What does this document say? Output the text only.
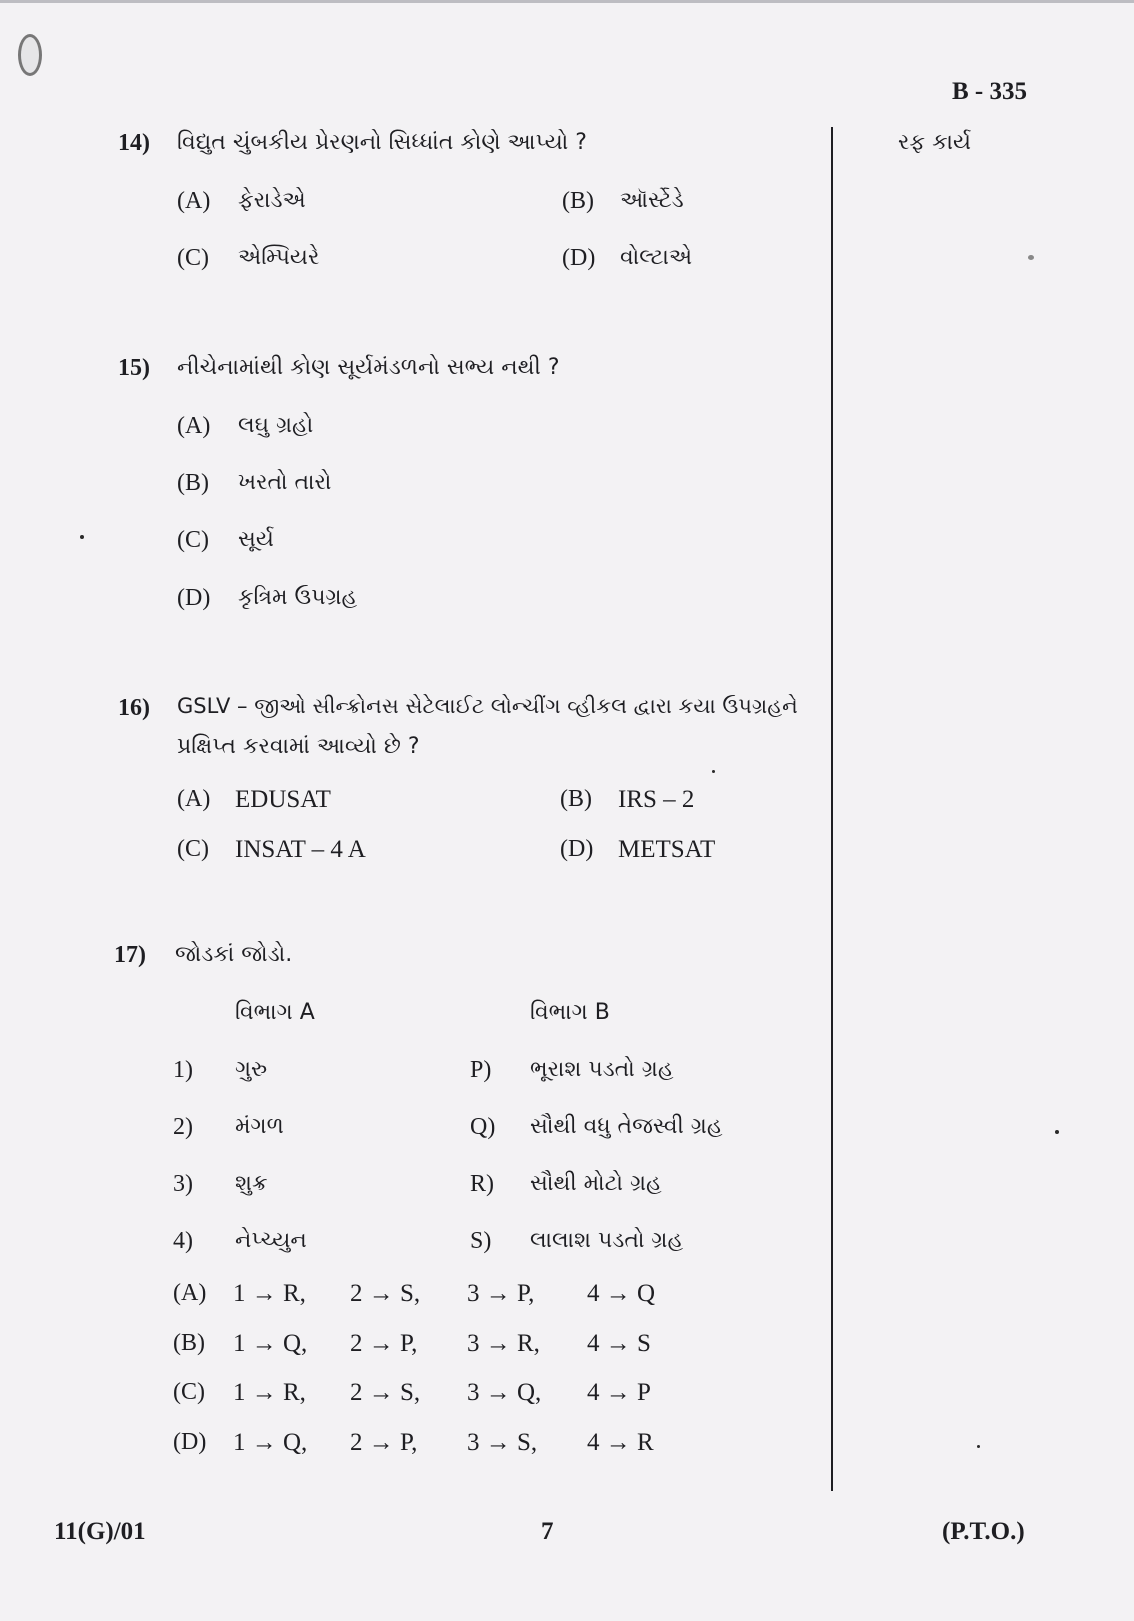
B - 335
રફ કાર્ય
14) વિદ્યુત ચુંબકીય પ્રેરણનો સિધ્ધાંત કોણે આપ્યો ?
(A) ફેરાડેએ	(B) ઑર્સ્ટેડે
(C) એમ્પિયરે	(D) વોલ્ટાએ
15) નીચેનામાંથી કોણ સૂર્યમંડળનો સભ્ય નથી ?
(A) લઘુ ગ્રહો
(B) ખરતો તારો
(C) સૂર્ય
(D) કૃત્રિમ ઉપગ્રહ
16) GSLV – જીઓ સીન્ક્રોનસ સેટેલાઈટ લોન્ચીંગ વ્હીકલ દ્વારા કયા ઉપગ્રહને
પ્રક્ષિપ્ત કરવામાં આવ્યો છે ?
(A) EDUSAT	(B) IRS – 2
(C) INSAT – 4 A	(D) METSAT
17) જોડકાં જોડો.
વિભાગ A	વિભાગ B
1) ગુરુ	P) ભૂરાશ પડતો ગ્રહ
2) મંગળ	Q) સૌથી વધુ તેજસ્વી ગ્રહ
3) શુક્ર	R) સૌથી મોટો ગ્રહ
4) નેપ્ચ્યુન	S) લાલાશ પડતો ગ્રહ
(A) 1 → R, 2 → S, 3 → P, 4 → Q
(B) 1 → Q, 2 → P, 3 → R, 4 → S
(C) 1 → R, 2 → S, 3 → Q, 4 → P
(D) 1 → Q, 2 → P, 3 → S, 4 → R
11(G)/01	7	(P.T.O.)
